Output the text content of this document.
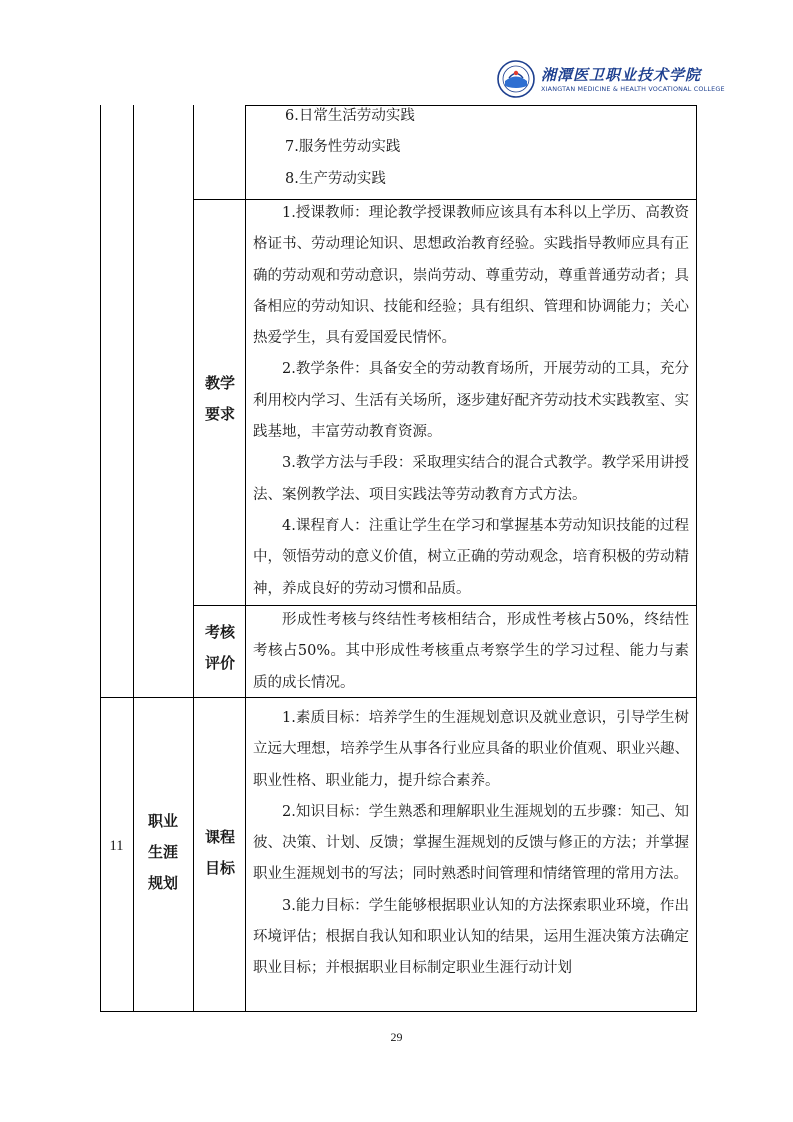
湘潭医卫职业技术学院
XIANGTAN MEDICINE & HEALTH VOCATIONAL COLLEGE

6.日常生活劳动实践

7.服务性劳动实践

8.生产劳动实践

教学
要求

1.授课教师：理论教学授课教师应该具有本科以上学历、高教资格证书、劳动理论知识、思想政治教育经验。实践指导教师应具有正确的劳动观和劳动意识，崇尚劳动、尊重劳动，尊重普通劳动者；具备相应的劳动知识、技能和经验；具有组织、管理和协调能力；关心热爱学生，具有爱国爱民情怀。

2.教学条件：具备安全的劳动教育场所，开展劳动的工具，充分利用校内学习、生活有关场所，逐步建好配齐劳动技术实践教室、实践基地，丰富劳动教育资源。

3.教学方法与手段：采取理实结合的混合式教学。教学采用讲授法、案例教学法、项目实践法等劳动教育方式方法。

4.课程育人：注重让学生在学习和掌握基本劳动知识技能的过程中，领悟劳动的意义价值，树立正确的劳动观念，培育积极的劳动精神，养成良好的劳动习惯和品质。

考核
评价

形成性考核与终结性考核相结合，形成性考核占50%，终结性考核占50%。其中形成性考核重点考察学生的学习过程、能力与素质的成长情况。

11
职业
生涯
规划
课程
目标

1.素质目标：培养学生的生涯规划意识及就业意识，引导学生树立远大理想，培养学生从事各行业应具备的职业价值观、职业兴趣、职业性格、职业能力，提升综合素养。

2.知识目标：学生熟悉和理解职业生涯规划的五步骤：知己、知彼、决策、计划、反馈；掌握生涯规划的反馈与修正的方法；并掌握职业生涯规划书的写法；同时熟悉时间管理和情绪管理的常用方法。

3.能力目标：学生能够根据职业认知的方法探索职业环境，作出环境评估；根据自我认知和职业认知的结果，运用生涯决策方法确定职业目标；并根据职业目标制定职业生涯行动计划

29
